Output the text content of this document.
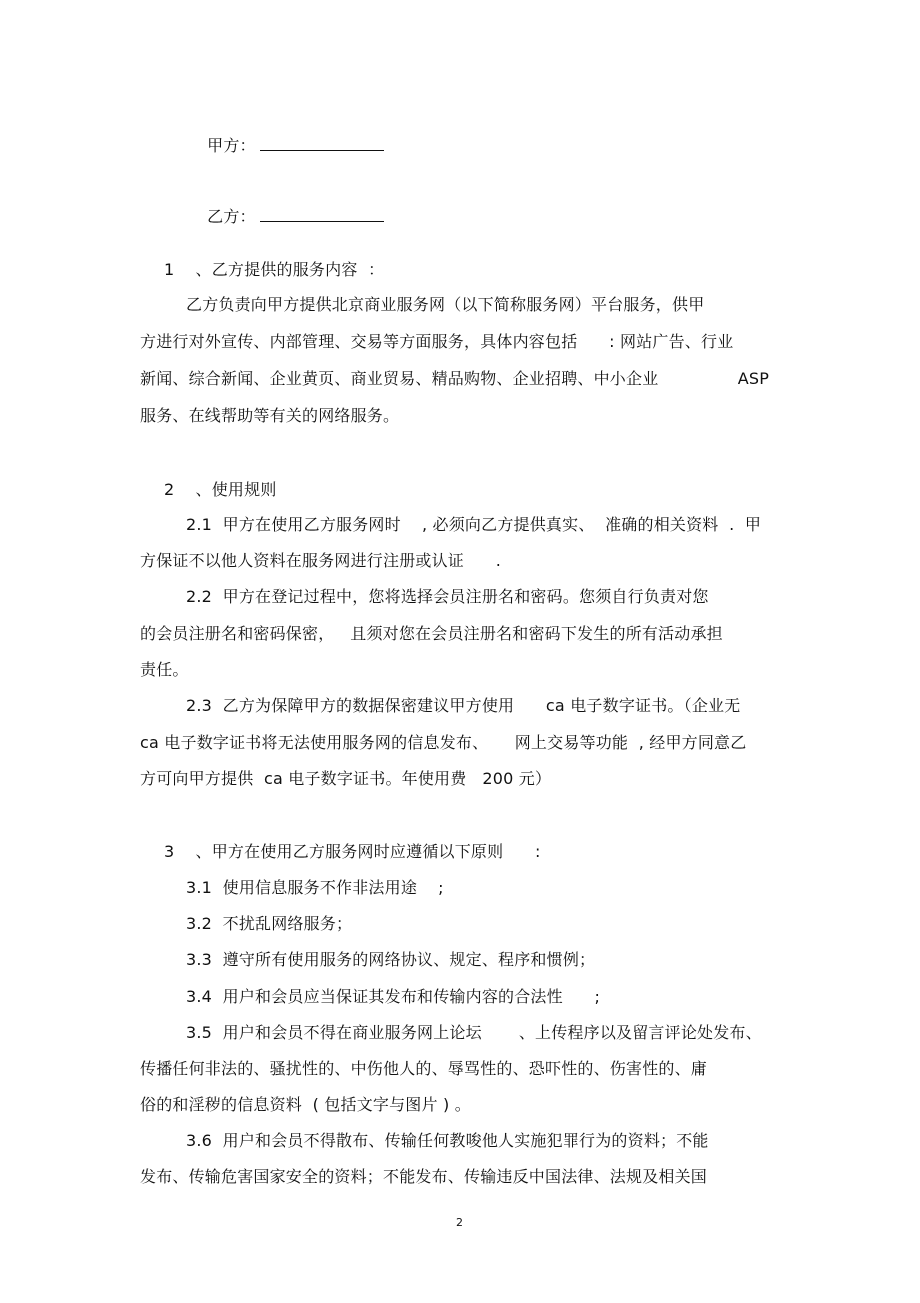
甲方：

乙方：

1    、乙方提供的服务内容  ：
乙方负责向甲方提供北京商业服务网（以下简称服务网）平台服务，供甲
方进行对外宣传、内部管理、交易等方面服务，具体内容包括      : 网站广告、行业
新闻、综合新闻、企业黄页、商业贸易、精品购物、企业招聘、中小企业               ASP
服务、在线帮助等有关的网络服务。
2    、使用规则
2.1  甲方在使用乙方服务网时    , 必须向乙方提供真实、  准确的相关资料  .  甲
方保证不以他人资料在服务网进行注册或认证      .
2.2  甲方在登记过程中，您将选择会员注册名和密码。您须自行负责对您
的会员注册名和密码保密，   且须对您在会员注册名和密码下发生的所有活动承担
责任。
2.3  乙方为保障甲方的数据保密建议甲方使用      ca 电子数字证书。（企业无
ca 电子数字证书将无法使用服务网的信息发布、     网上交易等功能  , 经甲方同意乙
方可向甲方提供  ca 电子数字证书。年使用费   200 元）
3    、甲方在使用乙方服务网时应遵循以下原则      :
3.1  使用信息服务不作非法用途    ;
3.2  不扰乱网络服务；
3.3  遵守所有使用服务的网络协议、规定、程序和惯例；
3.4  用户和会员应当保证其发布和传输内容的合法性      ;
3.5  用户和会员不得在商业服务网上论坛       、上传程序以及留言评论处发布、
传播任何非法的、骚扰性的、中伤他人的、辱骂性的、恐吓性的、伤害性的、庸
俗的和淫秽的信息资料  ( 包括文字与图片 ) 。
3.6  用户和会员不得散布、传输任何教唆他人实施犯罪行为的资料；不能
发布、传输危害国家安全的资料；不能发布、传输违反中国法律、法规及相关国
2
